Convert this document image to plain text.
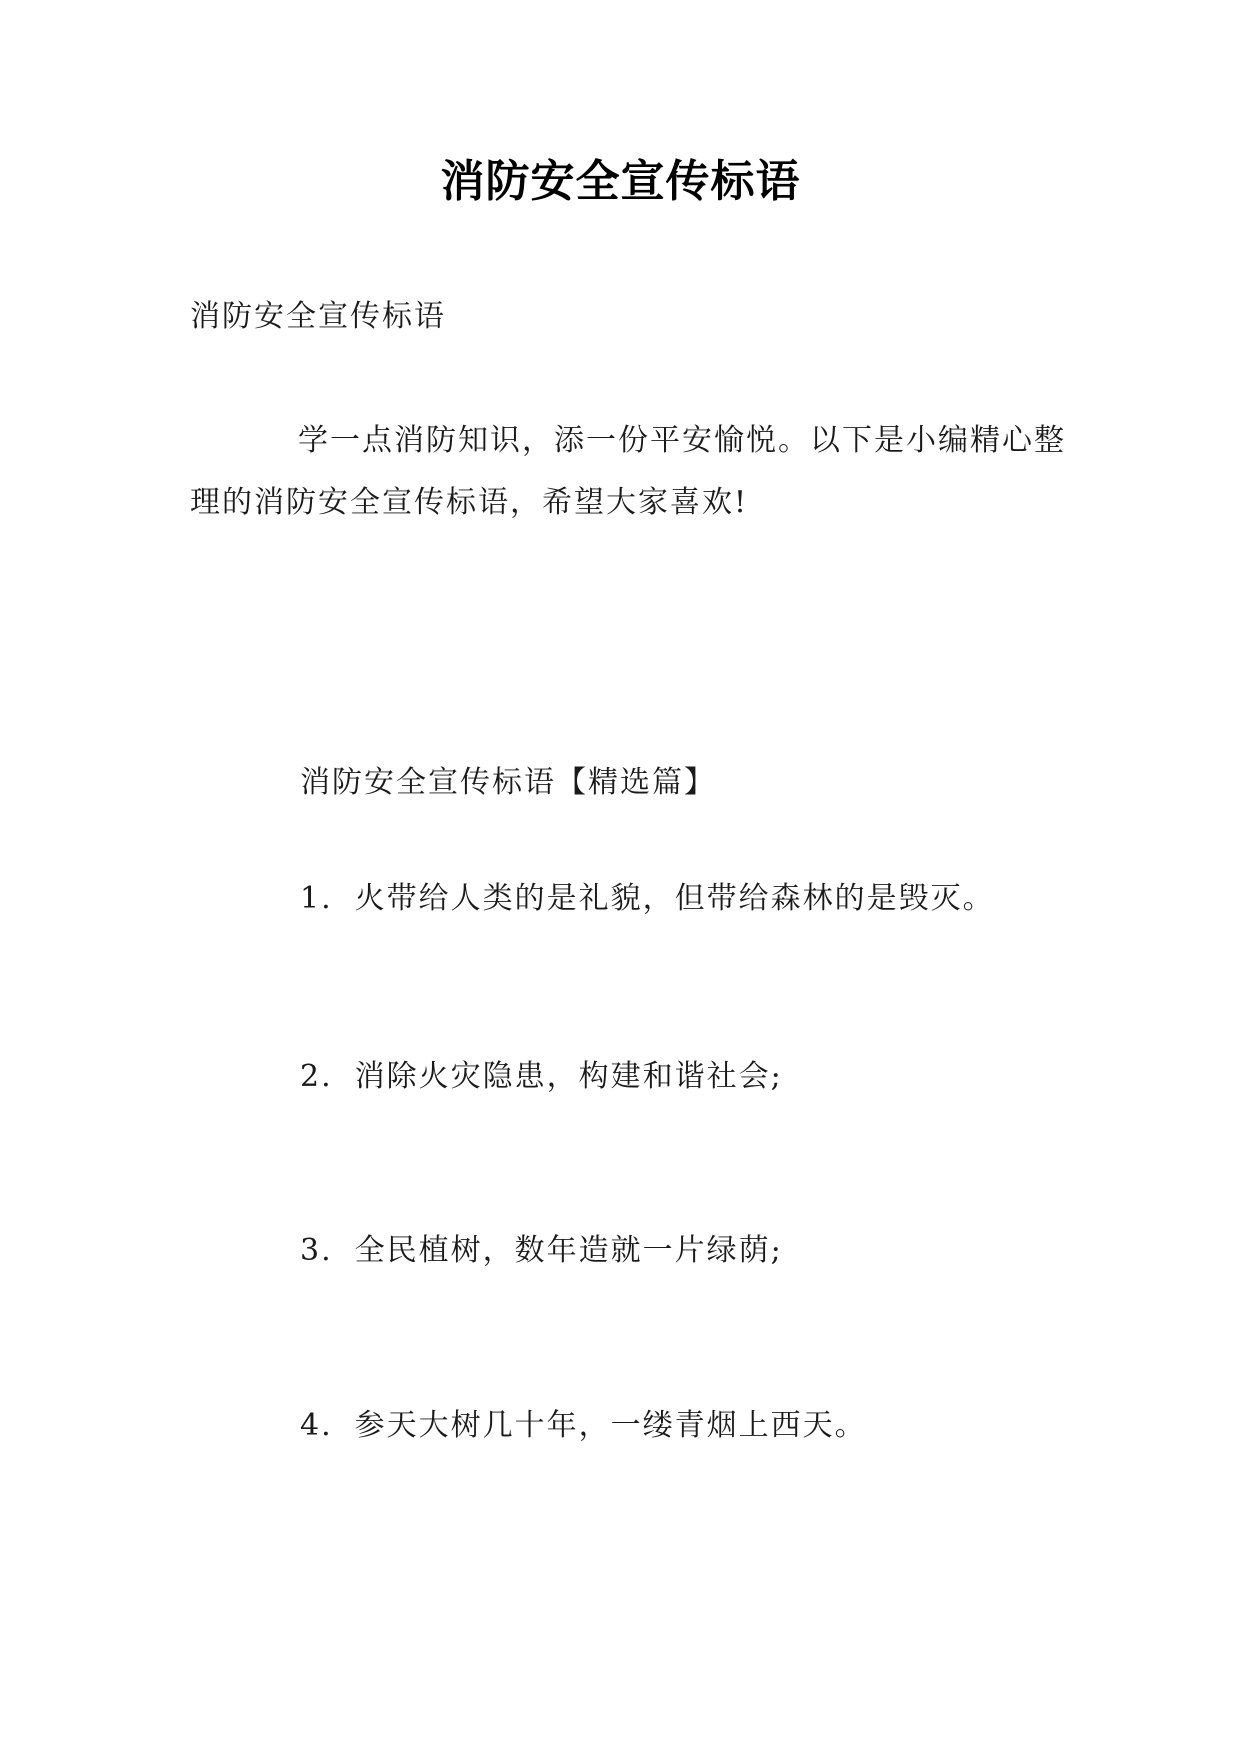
消防安全宣传标语
消防安全宣传标语
学一点消防知识，添一份平安愉悦。以下是小编精心整理的消防安全宣传标语，希望大家喜欢!
消防安全宣传标语【精选篇】
1. 火带给人类的是礼貌，但带给森林的是毁灭。
2. 消除火灾隐患，构建和谐社会;
3. 全民植树，数年造就一片绿荫;
4. 参天大树几十年，一缕青烟上西天。
